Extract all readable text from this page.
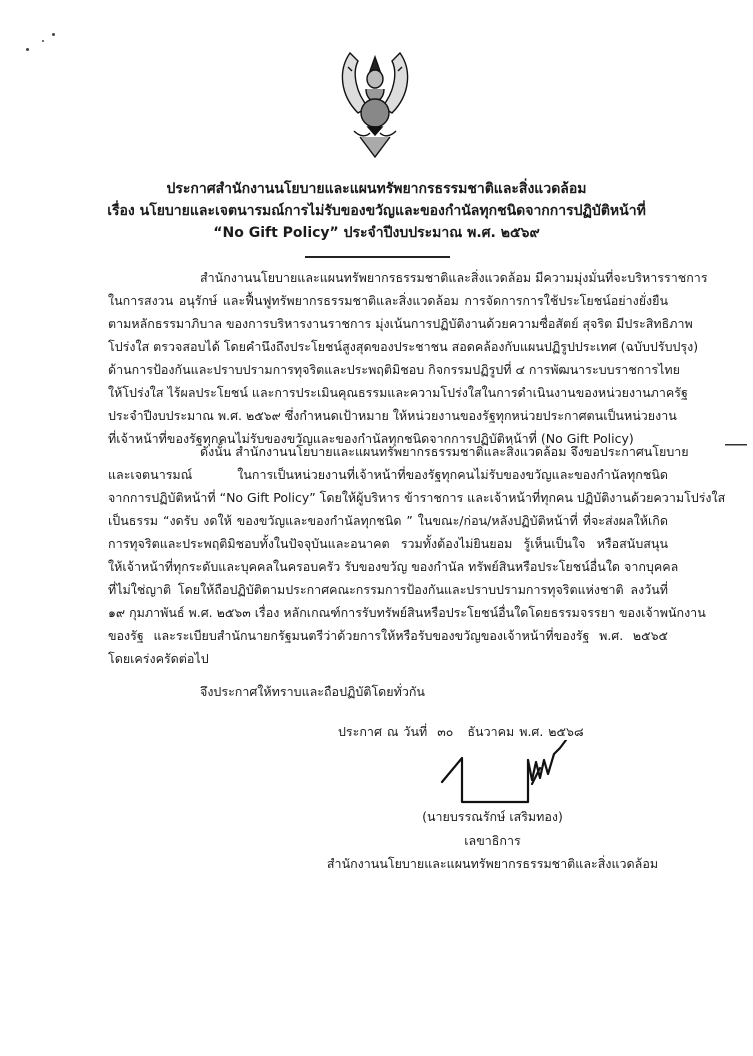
ประกาศสำนักงานนโยบายและแผนทรัพยากรธรรมชาติและสิ่งแวดล้อม
เรื่อง นโยบายและเจตนารมณ์การไม่รับของขวัญและของกำนัลทุกชนิดจากการปฏิบัติหน้าที่
“No Gift Policy” ประจำปีงบประมาณ พ.ศ. ๒๕๖๙
สำนักงานนโยบายและแผนทรัพยากรธรรมชาติและสิ่งแวดล้อม มีความมุ่งมั่นที่จะบริหารราชการ
ในการสงวน อนุรักษ์ และฟื้นฟูทรัพยากรธรรมชาติและสิ่งแวดล้อม การจัดการการใช้ประโยชน์อย่างยั่งยืน
ตามหลักธรรมาภิบาล ของการบริหารงานราชการ มุ่งเน้นการปฏิบัติงานด้วยความซื่อสัตย์ สุจริต มีประสิทธิภาพ
โปร่งใส ตรวจสอบได้ โดยคำนึงถึงประโยชน์สูงสุดของประชาชน สอดคล้องกับแผนปฏิรูปประเทศ (ฉบับปรับปรุง)
ด้านการป้องกันและปราบปรามการทุจริตและประพฤติมิชอบ กิจกรรมปฏิรูปที่ ๔ การพัฒนาระบบราชการไทย
ให้โปร่งใส ไร้ผลประโยชน์ และการประเมินคุณธรรมและความโปร่งใสในการดำเนินงานของหน่วยงานภาครัฐ
ประจำปีงบประมาณ พ.ศ. ๒๕๖๙ ซึ่งกำหนดเป้าหมาย ให้หน่วยงานของรัฐทุกหน่วยประกาศตนเป็นหน่วยงาน
ที่เจ้าหน้าที่ของรัฐทุกคนไม่รับของขวัญและของกำนัลทุกชนิดจากการปฏิบัติหน้าที่ (No Gift Policy)
ดังนั้น สำนักงานนโยบายและแผนทรัพยากรธรรมชาติและสิ่งแวดล้อม จึงขอประกาศนโยบาย
และเจตนารมณ์ ในการเป็นหน่วยงานที่เจ้าหน้าที่ของรัฐทุกคนไม่รับของขวัญและของกำนัลทุกชนิด
จากการปฏิบัติหน้าที่ “No Gift Policy” โดยให้ผู้บริหาร ข้าราชการ และเจ้าหน้าที่ทุกคน ปฏิบัติงานด้วยความโปร่งใส
เป็นธรรม “งดรับ งดให้ ของขวัญและของกำนัลทุกชนิด ” ในขณะ/ก่อน/หลังปฏิบัติหน้าที่ ที่จะส่งผลให้เกิด
การทุจริตและประพฤติมิชอบทั้งในปัจจุบันและอนาคต รวมทั้งต้องไม่ยินยอม รู้เห็นเป็นใจ หรือสนับสนุน
ให้เจ้าหน้าที่ทุกระดับและบุคคลในครอบครัว รับของขวัญ ของกำนัล ทรัพย์สินหรือประโยชน์อื่นใด จากบุคคล
ที่ไม่ใช่ญาติ โดยให้ถือปฏิบัติตามประกาศคณะกรรมการป้องกันและปราบปรามการทุจริตแห่งชาติ ลงวันที่
๑๙ กุมภาพันธ์ พ.ศ. ๒๕๖๓ เรื่อง หลักเกณฑ์การรับทรัพย์สินหรือประโยชน์อื่นใดโดยธรรมจรรยา ของเจ้าพนักงาน
ของรัฐ และระเบียบสำนักนายกรัฐมนตรีว่าด้วยการให้หรือรับของขวัญของเจ้าหน้าที่ของรัฐ พ.ศ. ๒๕๖๕
โดยเคร่งครัดต่อไป
จึงประกาศให้ทราบและถือปฏิบัติโดยทั่วกัน
ประกาศ ณ วันที่ ๓๐ ธันวาคม พ.ศ. ๒๕๖๘
(นายบรรณรักษ์ เสริมทอง)
เลขาธิการ
สำนักงานนโยบายและแผนทรัพยากรธรรมชาติและสิ่งแวดล้อม
